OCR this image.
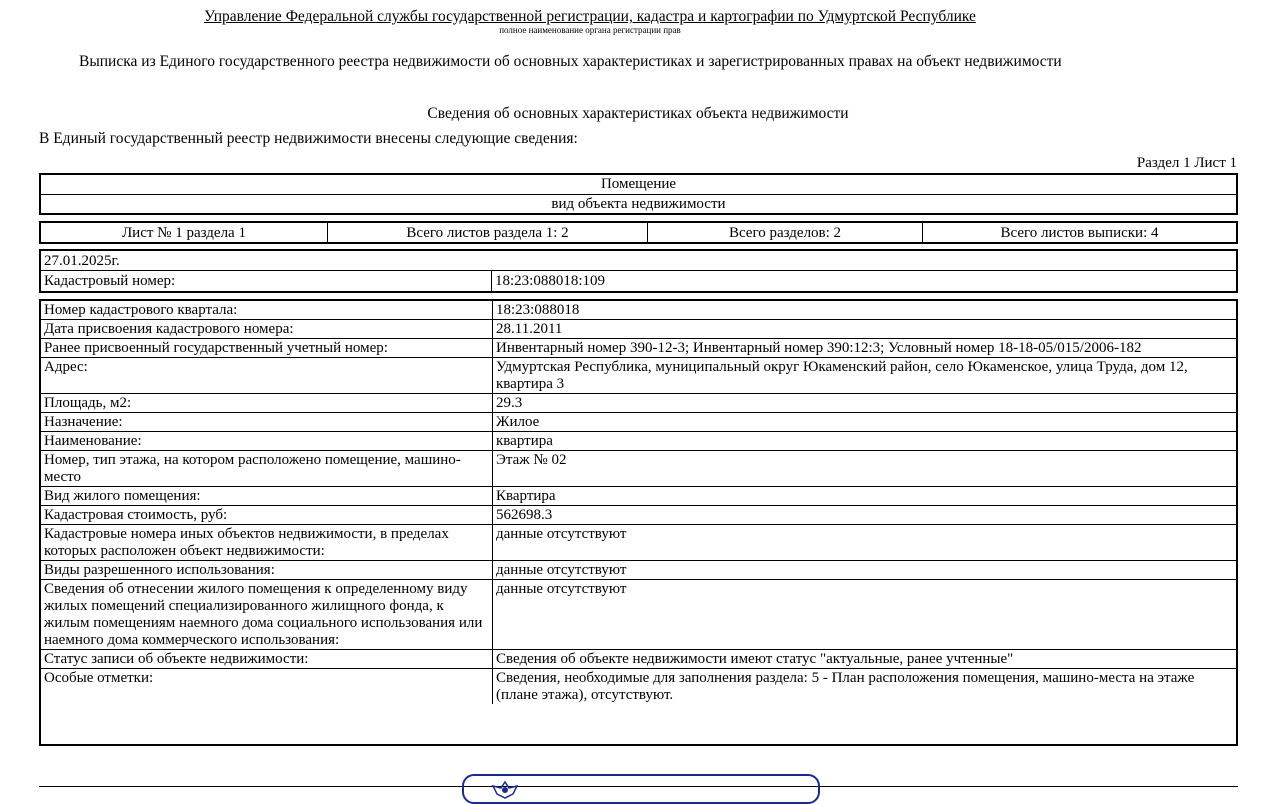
Управление Федеральной службы государственной регистрации, кадастра и картографии по Удмуртской Республике
полное наименование органа регистрации прав
Выписка из Единого государственного реестра недвижимости об основных характеристиках и зарегистрированных правах на объект недвижимости
Сведения об основных характеристиках объекта недвижимости
В Единый государственный реестр недвижимости внесены следующие сведения:
Раздел 1 Лист 1
Помещение
вид объекта недвижимости
Лист № 1 раздела 1	Всего листов раздела 1: 2	Всего разделов: 2	Всего листов выписки: 4
27.01.2025г.
Кадастровый номер:	18:23:088018:109
Номер кадастрового квартала:	18:23:088018
Дата присвоения кадастрового номера:	28.11.2011
Ранее присвоенный государственный учетный номер:	Инвентарный номер 390-12-3; Инвентарный номер 390:12:3; Условный номер 18-18-05/015/2006-182
Адрес:	Удмуртская Республика, муниципальный округ Юкаменский район, село Юкаменское, улица Труда, дом 12, квартира 3
Площадь, м2:	29.3
Назначение:	Жилое
Наименование:	квартира
Номер, тип этажа, на котором расположено помещение, машино-место	Этаж № 02
Вид жилого помещения:	Квартира
Кадастровая стоимость, руб:	562698.3
Кадастровые номера иных объектов недвижимости, в пределах которых расположен объект недвижимости:	данные отсутствуют
Виды разрешенного использования:	данные отсутствуют
Сведения об отнесении жилого помещения к определенному виду жилых помещений специализированного жилищного фонда, к жилым помещениям наемного дома социального использования или наемного дома коммерческого использования:	данные отсутствуют
Статус записи об объекте недвижимости:	Сведения об объекте недвижимости имеют статус "актуальные, ранее учтенные"
Особые отметки:	Сведения, необходимые для заполнения раздела: 5 - План расположения помещения, машино-места на этаже (плане этажа), отсутствуют.
